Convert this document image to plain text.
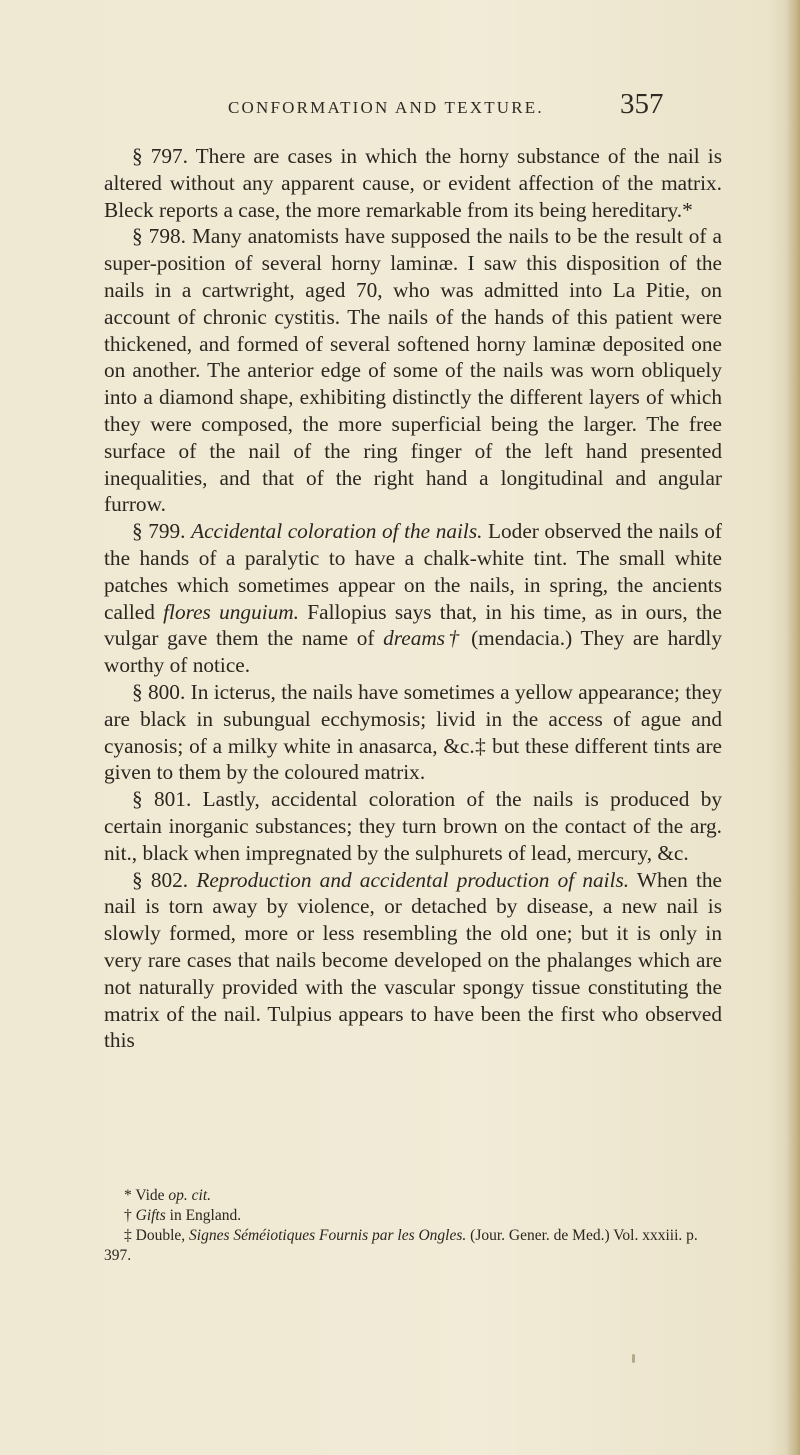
CONFORMATION AND TEXTURE.	357

§ 797. There are cases in which the horny substance of the nail is altered without any apparent cause, or evident affection of the matrix. Bleck reports a case, the more remarkable from its being hereditary.*

§ 798. Many anatomists have supposed the nails to be the result of a super-position of several horny laminæ. I saw this disposition of the nails in a cartwright, aged 70, who was admitted into La Pitie, on account of chronic cystitis. The nails of the hands of this patient were thickened, and formed of several softened horny laminæ deposited one on another. The anterior edge of some of the nails was worn obliquely into a diamond shape, exhibiting distinctly the different layers of which they were composed, the more superficial being the larger. The free surface of the nail of the ring finger of the left hand presented inequalities, and that of the right hand a longitudinal and angular furrow.

§ 799. Accidental coloration of the nails. Loder observed the nails of the hands of a paralytic to have a chalk-white tint. The small white patches which sometimes appear on the nails, in spring, the ancients called flores unguium. Fallopius says that, in his time, as in ours, the vulgar gave them the name of dreams† (mendacia.) They are hardly worthy of notice.

§ 800. In icterus, the nails have sometimes a yellow appearance; they are black in subungual ecchymosis; livid in the access of ague and cyanosis; of a milky white in anasarca, &c.‡ but these different tints are given to them by the coloured matrix.

§ 801. Lastly, accidental coloration of the nails is produced by certain inorganic substances; they turn brown on the contact of the arg. nit., black when impregnated by the sulphurets of lead, mercury, &c.

§ 802. Reproduction and accidental production of nails. When the nail is torn away by violence, or detached by disease, a new nail is slowly formed, more or less resembling the old one; but it is only in very rare cases that nails become developed on the phalanges which are not naturally provided with the vascular spongy tissue constituting the matrix of the nail. Tulpius appears to have been the first who observed this

* Vide op. cit.

† Gifts in England.

‡ Double, Signes Séméiotiques Fournis par les Ongles. (Jour. Gener. de Med.) Vol. xxxiii. p. 397.
